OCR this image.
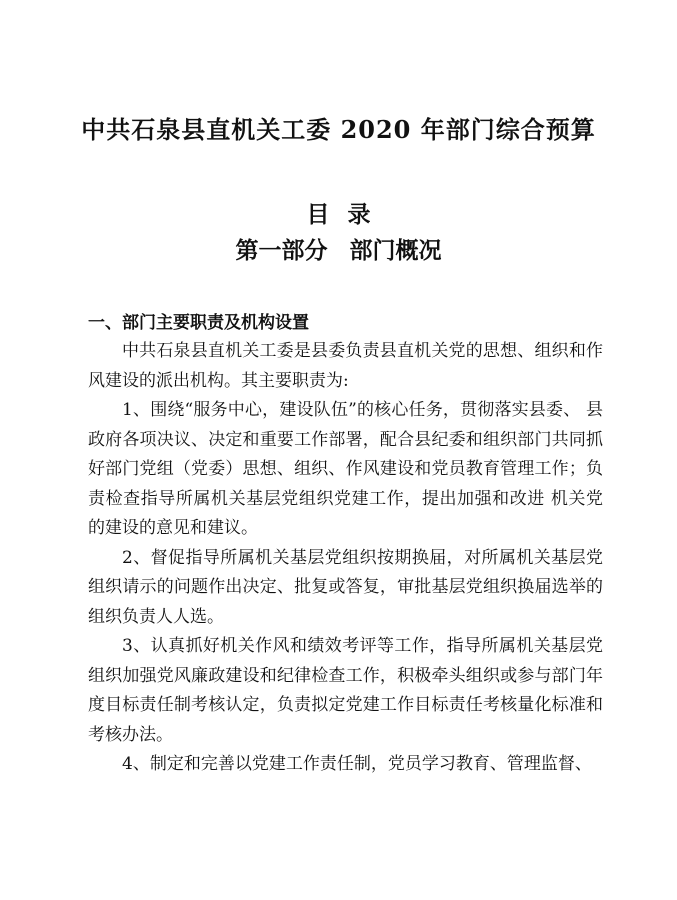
中共石泉县直机关工委 2020 年部门综合预算
目录
第一部分 部门概况
一、部门主要职责及机构设置

中共石泉县直机关工委是县委负责县直机关党的思想、组织和作风建设的派出机构。其主要职责为:

1、围绕“服务中心，建设队伍”的核心任务，贯彻落实县委、 县政府各项决议、决定和重要工作部署，配合县纪委和组织部门共同抓好部门党组（党委）思想、组织、作风建设和党员教育管理工作；负责检查指导所属机关基层党组织党建工作，提出加强和改进 机关党的建设的意见和建议。

2、督促指导所属机关基层党组织按期换届，对所属机关基层党组织请示的问题作出决定、批复或答复，审批基层党组织换届选举的组织负责人人选。

3、认真抓好机关作风和绩效考评等工作，指导所属机关基层党组织加强党风廉政建设和纪律检查工作，积极牵头组织或参与部门年度目标责任制考核认定，负责拟定党建工作目标责任考核量化标准和考核办法。

4、制定和完善以党建工作责任制，党员学习教育、管理监督、
